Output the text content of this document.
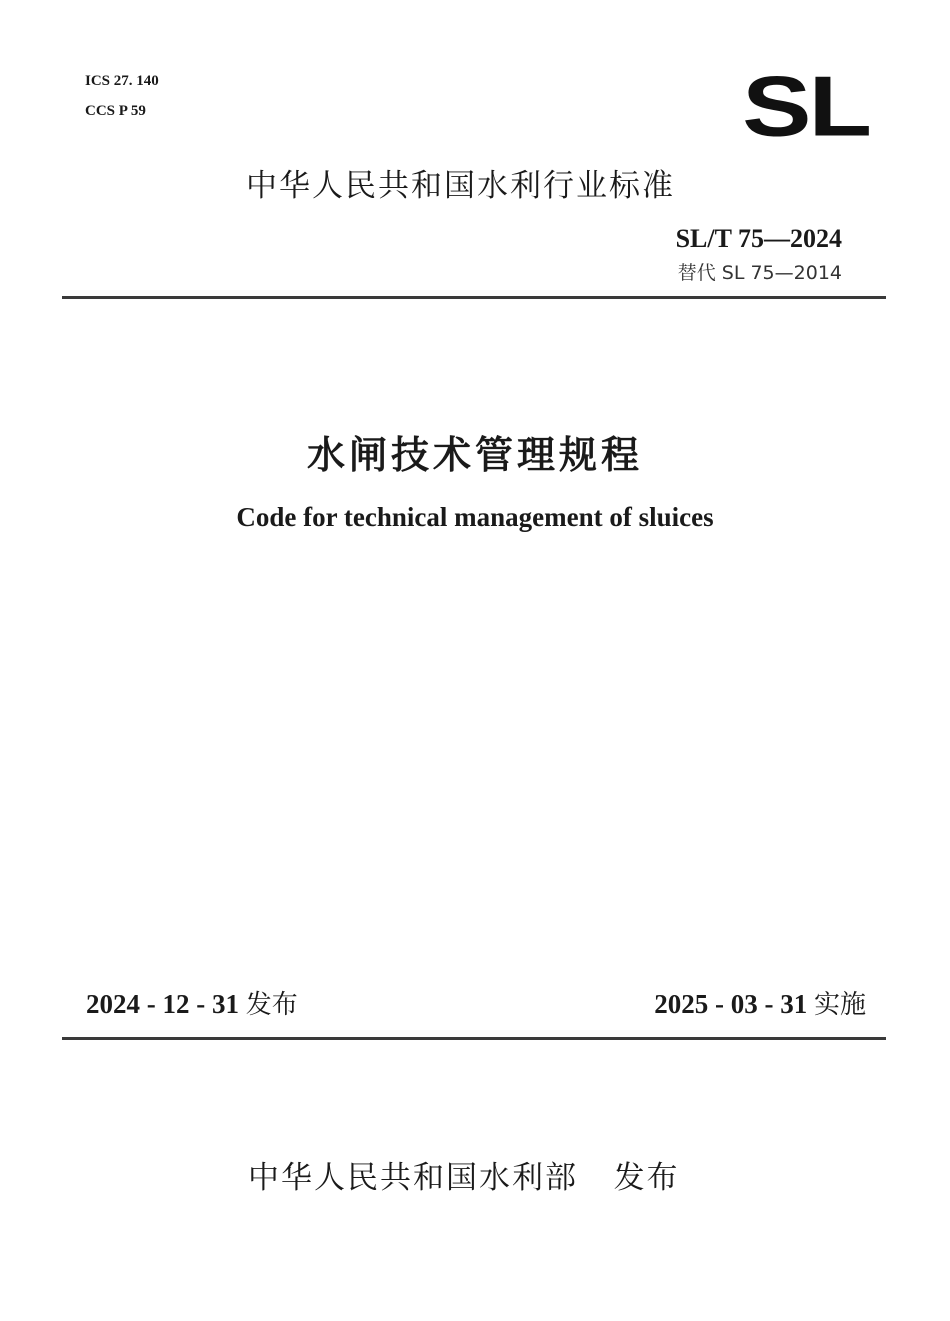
ICS 27. 140
CCS P 59	SL
中华人民共和国水利行业标准
SL/T 75—2024
替代 SL 75—2014
水闸技术管理规程
Code for technical management of sluices
2024 - 12 - 31 发布	2025 - 03 - 31 实施
中华人民共和国水利部 发布
